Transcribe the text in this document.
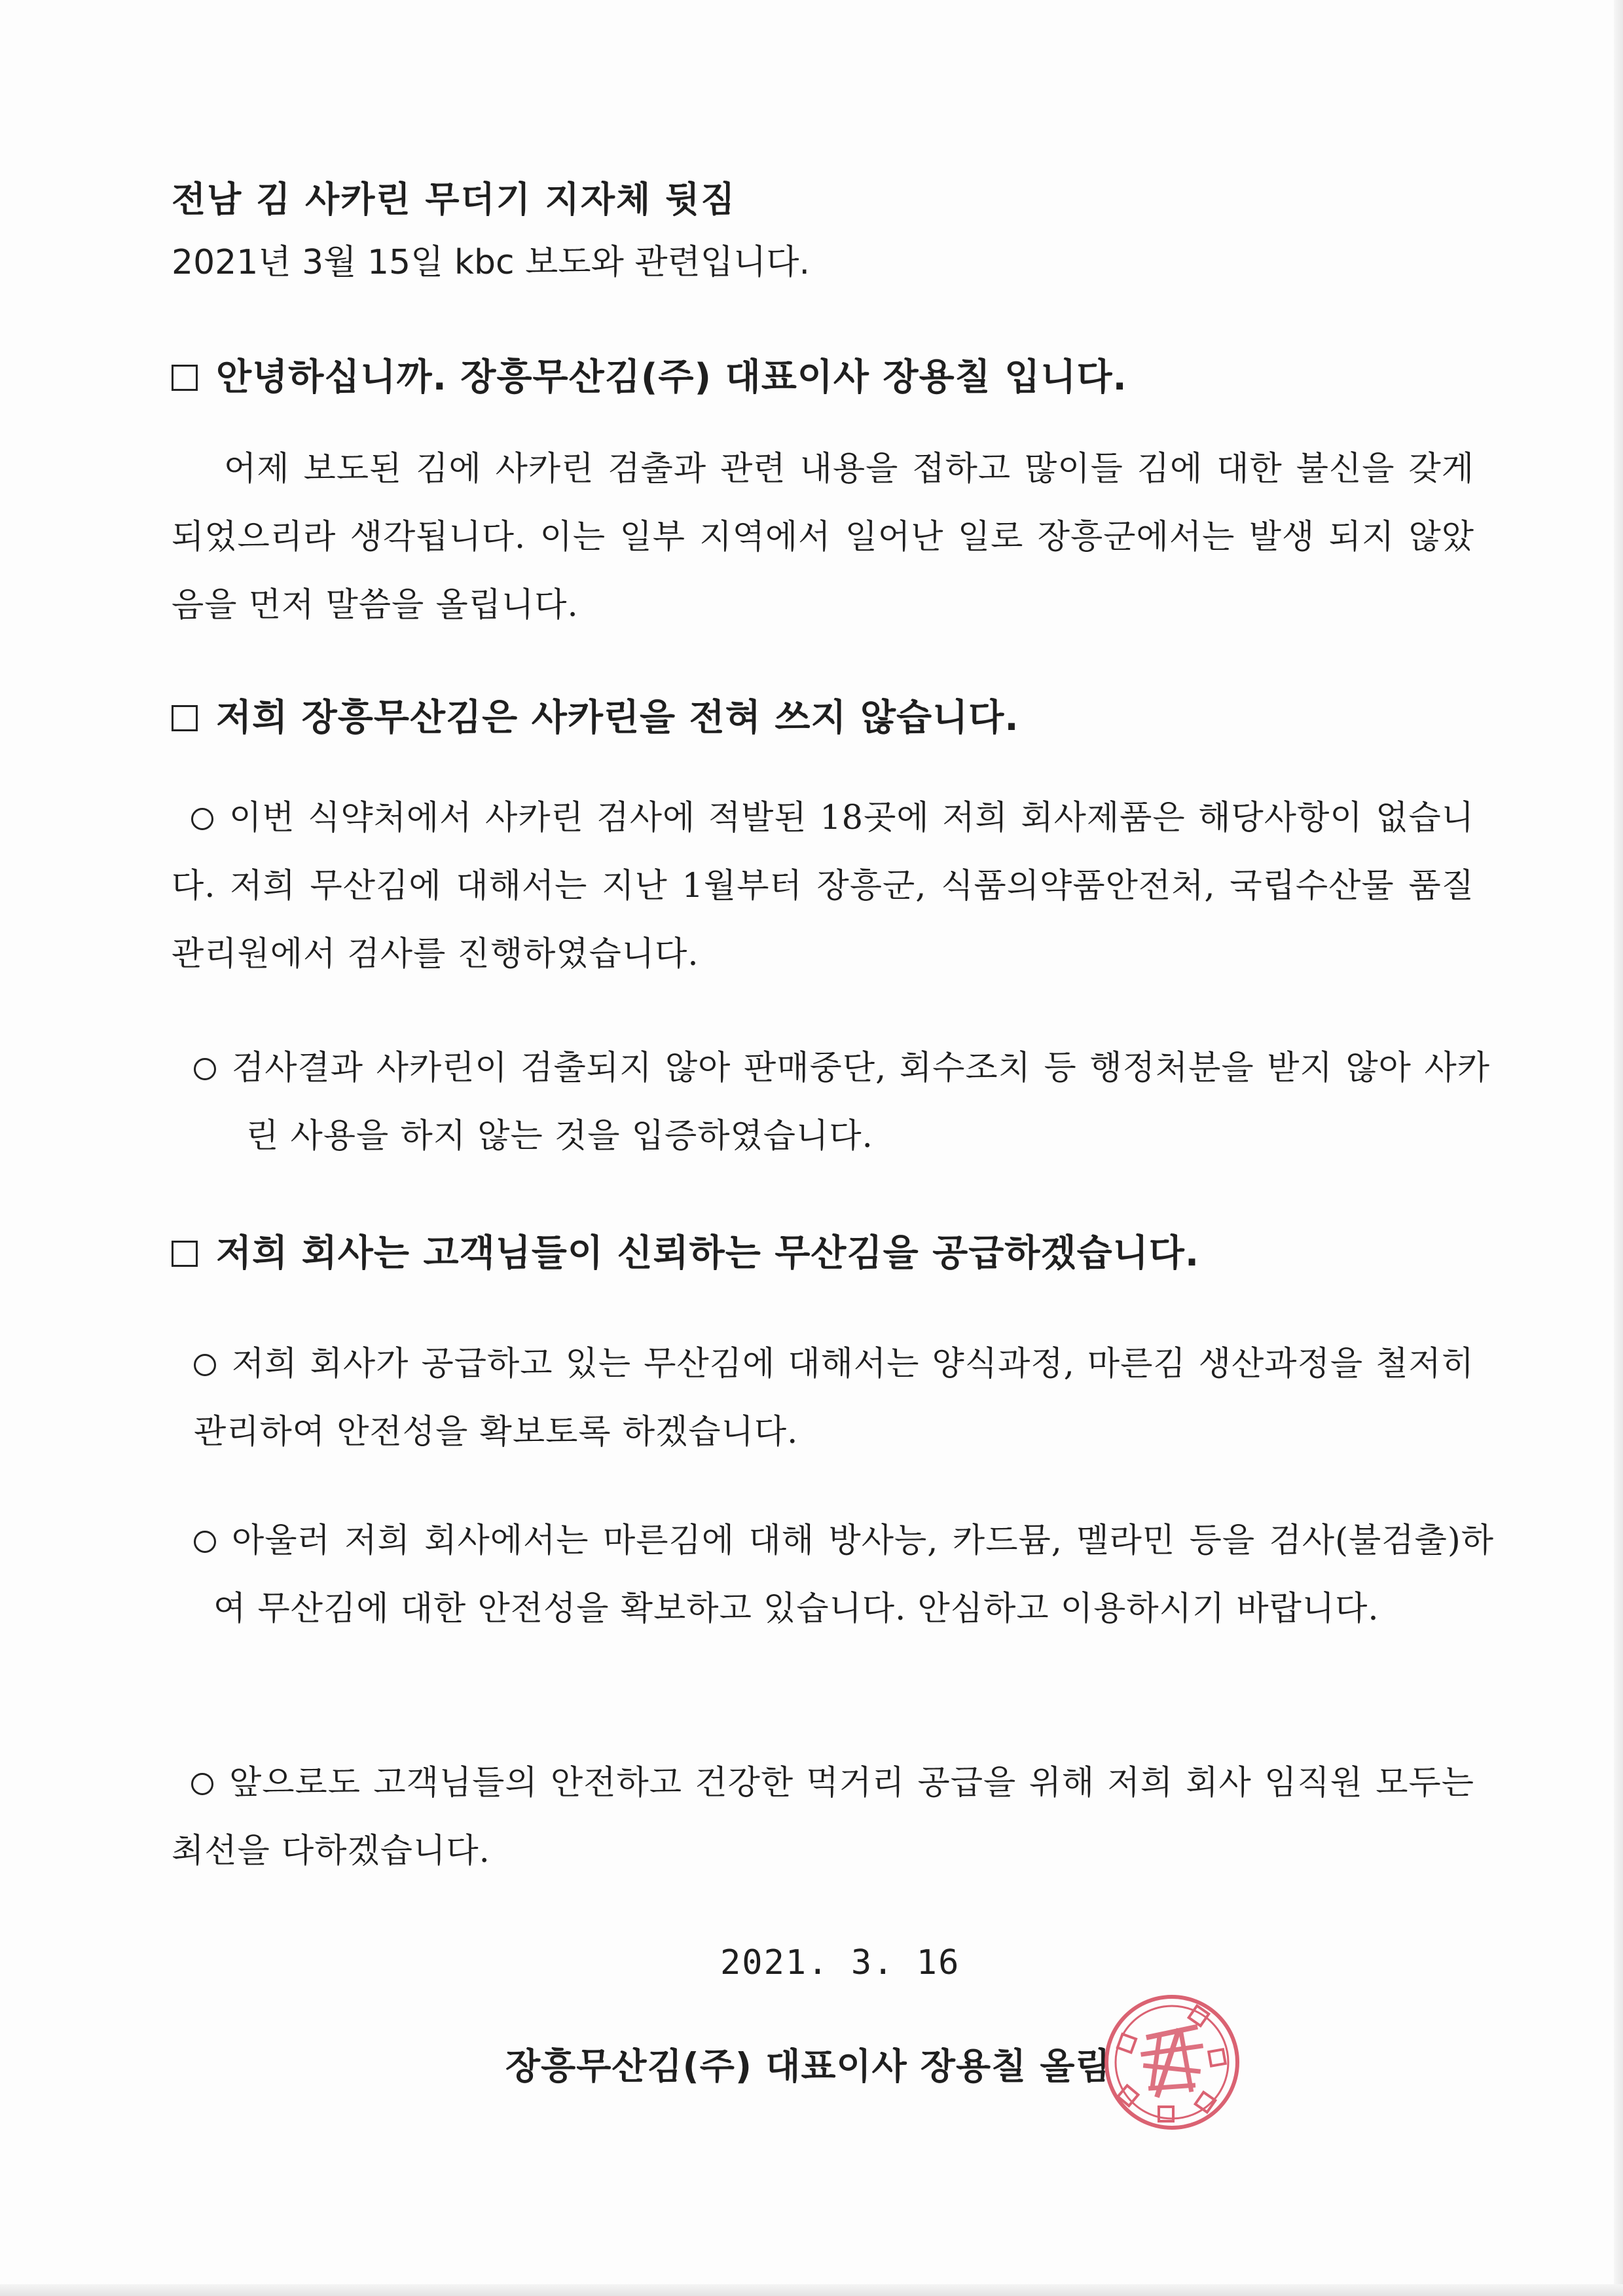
전남 김 사카린 무더기 지자체 뒷짐
2021년 3월 15일 kbc 보도와 관련입니다.
안녕하십니까. 장흥무산김(주) 대표이사 장용칠 입니다.
어제 보도된 김에 사카린 검출과 관련 내용을 접하고 많이들 김에 대한 불신을 갖게 되었으리라 생각됩니다. 이는 일부 지역에서 일어난 일로 장흥군에서는 발생 되지 않았음을 먼저 말씀을 올립니다.
저희 장흥무산김은 사카린을 전혀 쓰지 않습니다.
이번 식약처에서 사카린 검사에 적발된 18곳에 저희 회사제품은 해당사항이 없습니다. 저희 무산김에 대해서는 지난 1월부터 장흥군, 식품의약품안전처, 국립수산물 품질관리원에서 검사를 진행하였습니다.
검사결과 사카린이 검출되지 않아 판매중단, 회수조치 등 행정처분을 받지 않아 사카린 사용을 하지 않는 것을 입증하였습니다.
저희 회사는 고객님들이 신뢰하는 무산김을 공급하겠습니다.
저희 회사가 공급하고 있는 무산김에 대해서는 양식과정, 마른김 생산과정을 철저히 관리하여 안전성을 확보토록 하겠습니다.
아울러 저희 회사에서는 마른김에 대해 방사능, 카드뮴, 멜라민 등을 검사(불검출)하여 무산김에 대한 안전성을 확보하고 있습니다. 안심하고 이용하시기 바랍니다.
앞으로도 고객님들의 안전하고 건강한 먹거리 공급을 위해 저희 회사 임직원 모두는 최선을 다하겠습니다.
2021. 3. 16
장흥무산김(주) 대표이사 장용칠 올림
